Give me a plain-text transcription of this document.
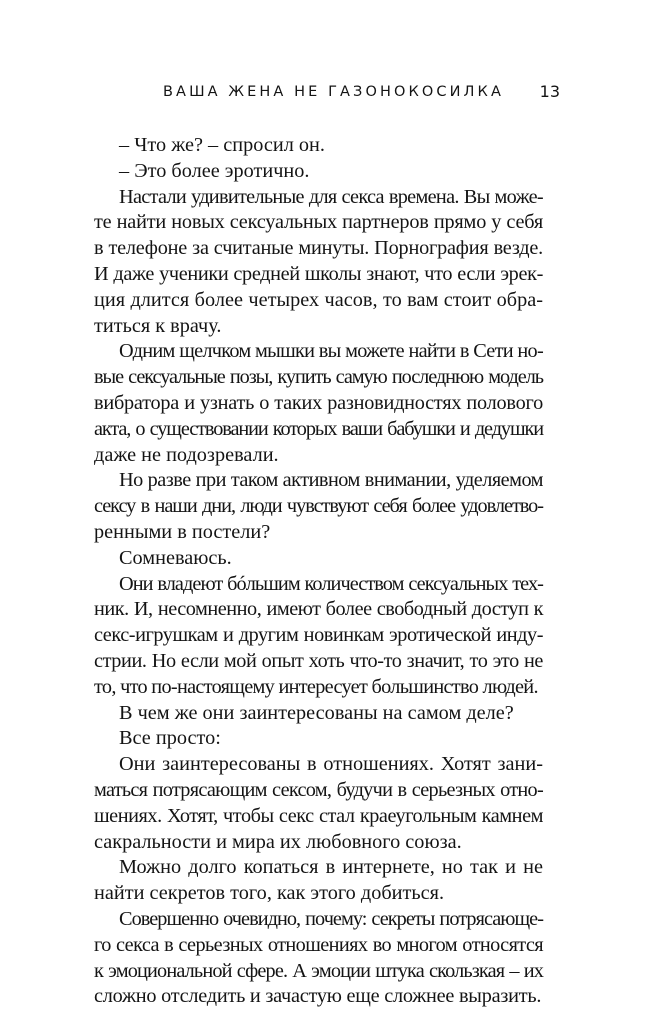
ВАША ЖЕНА НЕ ГАЗОНОКОСИЛКА 13
– Что же? – спросил он.
– Это более эротично.
Настали удивительные для секса времена. Вы може-
те найти новых сексуальных партнеров прямо у себя
в телефоне за считаные минуты. Порнография везде.
И даже ученики средней школы знают, что если эрек-
ция длится более четырех часов, то вам стоит обра-
титься к врачу.
Одним щелчком мышки вы можете найти в Сети но-
вые сексуальные позы, купить самую последнюю модель
вибратора и узнать о таких разновидностях полового
акта, о существовании которых ваши бабушки и дедушки
даже не подозревали.
Но разве при таком активном внимании, уделяемом
сексу в наши дни, люди чувствуют себя более удовлетво-
ренными в постели?
Сомневаюсь.
Они владеют бóльшим количеством сексуальных тех-
ник. И, несомненно, имеют более свободный доступ к
секс-игрушкам и другим новинкам эротической инду-
стрии. Но если мой опыт хоть что-то значит, то это не
то, что по-настоящему интересует большинство людей.
В чем же они заинтересованы на самом деле?
Все просто:
Они заинтересованы в отношениях. Хотят зани-
маться потрясающим сексом, будучи в серьезных отно-
шениях. Хотят, чтобы секс стал краеугольным камнем
сакральности и мира их любовного союза.
Можно долго копаться в интернете, но так и не
найти секретов того, как этого добиться.
Совершенно очевидно, почему: секреты потрясающе-
го секса в серьезных отношениях во многом относятся
к эмоциональной сфере. А эмоции штука скользкая – их
сложно отследить и зачастую еще сложнее выразить.
